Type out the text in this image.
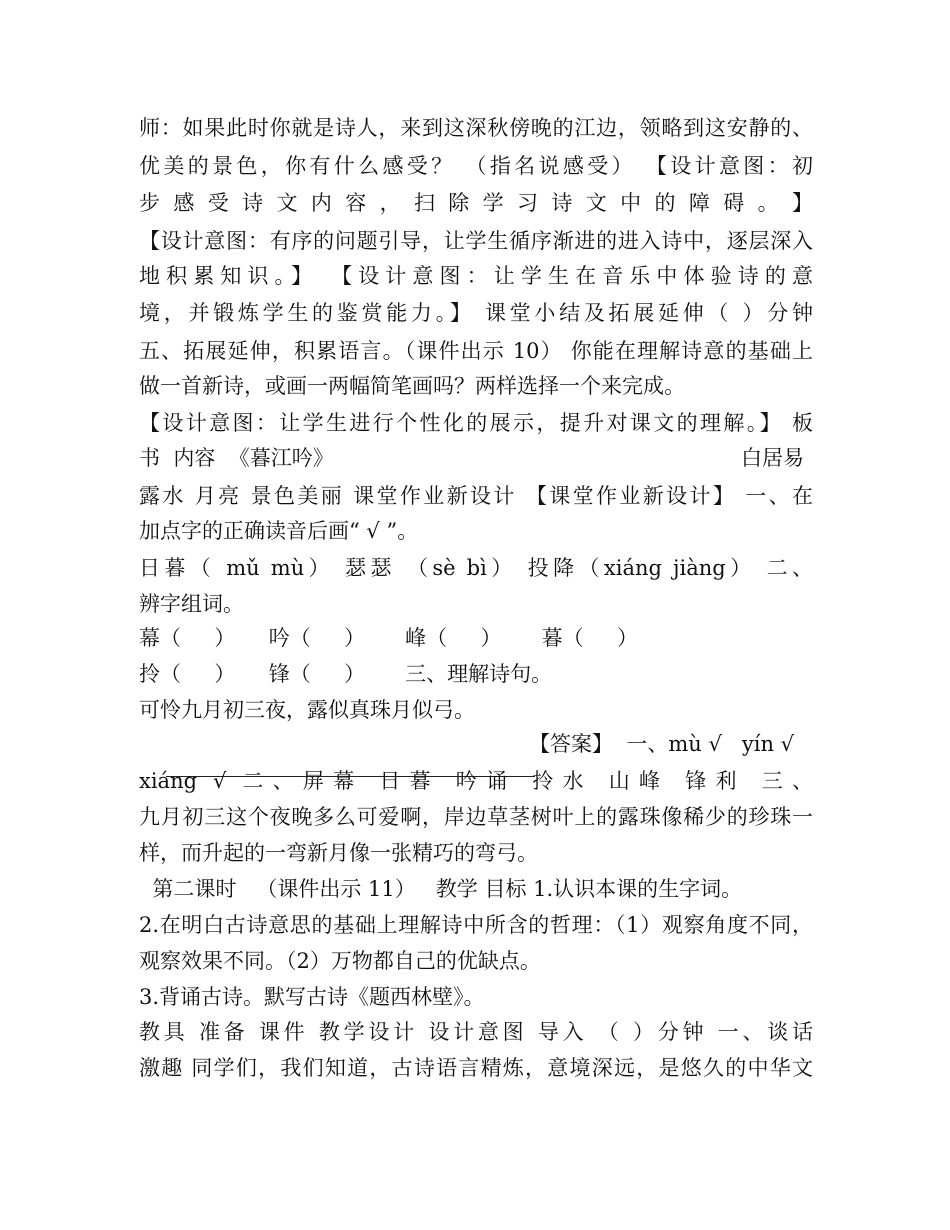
师：如果此时你就是诗人，来到这深秋傍晚的江边，领略到这安静的、
优美的景色，你有什么感受？ （指名说感受） 【设计意图：初
步 感 受 诗 文 内 容 ， 扫 除 学 习 诗 文 中 的 障 碍 。 】
【设计意图：有序的问题引导，让学生循序渐进的进入诗中，逐层深入
地积累知识。】 【设计意图：让学生在音乐中体验诗的意
境，并锻炼学生的鉴赏能力。】 课堂小结及拓展延伸（ ）分钟
五、拓展延伸，积累语言。（课件出示 10） 你能在理解诗意的基础上
做一首新诗，或画一两幅简笔画吗？两样选择一个来完成。
【设计意图：让学生进行个性化的展示，提升对课文的理解。】 板
书  内容  《暮江吟》	白居易
露水 月亮 景色美丽 课堂作业新设计 【课堂作业新设计】 一、在
加点字的正确读音后画“ √ ”。
日暮（ mǔ mù） 瑟瑟 （sè bì） 投降（xiáng jiàng） 二、
辨字组词。
幕（     ）     吟（     ）      峰（     ）      暮（     ）
拎（     ）     锋（     ）      三、理解诗句。
可怜九月初三夜，露似真珠月似弓。

【答案】  一、mù √   yín √
xiáng √ 二、屏幕 日暮 吟诵 拎水 山峰 锋利 三、
九月初三这个夜晚多么可爱啊，岸边草茎树叶上的露珠像稀少的珍珠一
样，而升起的一弯新月像一张精巧的弯弓。
第二课时   （课件出示 11）   教学 目标 1.认识本课的生字词。
2.在明白古诗意思的基础上理解诗中所含的哲理：（1）观察角度不同，
观察效果不同。（2）万物都自己的优缺点。
3.背诵古诗。默写古诗《题西林壁》。
教具 准备 课件 教学设计 设计意图 导入 （ ）分钟 一、谈话
激趣 同学们，我们知道，古诗语言精炼，意境深远，是悠久的中华文
